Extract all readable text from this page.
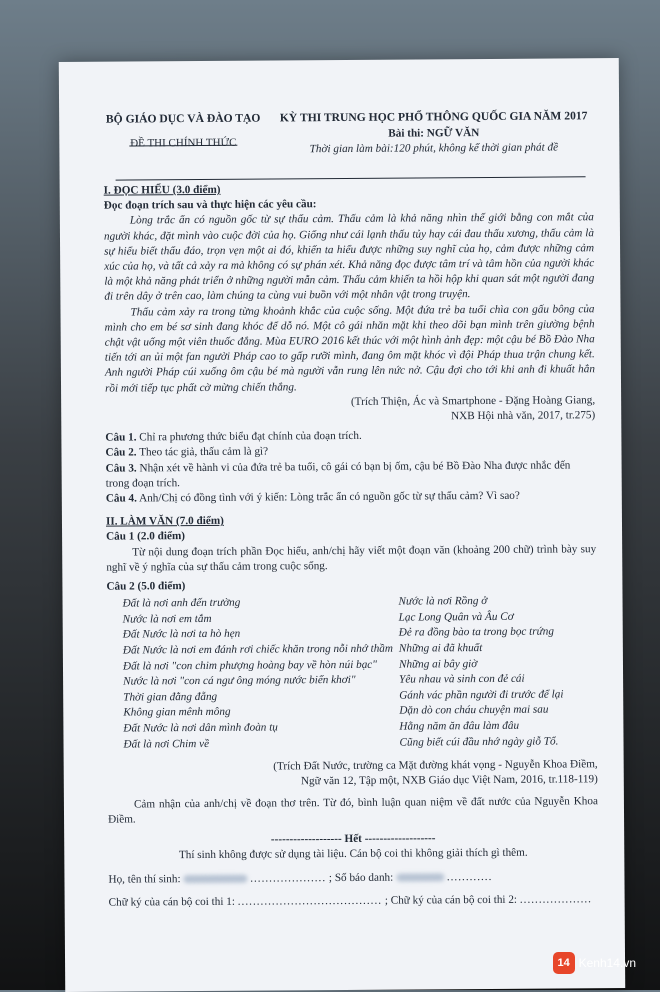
BỘ GIÁO DỤC VÀ ĐÀO TẠO
ĐỀ THI CHÍNH THỨC
KỲ THI TRUNG HỌC PHỔ THÔNG QUỐC GIA NĂM 2017
Bài thi: NGỮ VĂN
Thời gian làm bài:120 phút, không kể thời gian phát đề

I. ĐỌC HIỂU (3.0 điểm)

Đọc đoạn trích sau và thực hiện các yêu cầu:

Lòng trắc ẩn có nguồn gốc từ sự thấu cảm. Thấu cảm là khả năng nhìn thế giới bằng con mắt của người khác, đặt mình vào cuộc đời của họ. Giống như cái lạnh thấu tủy hay cái đau thấu xương, thấu cảm là sự hiểu biết thấu đáo, trọn vẹn một ai đó, khiến ta hiểu được những suy nghĩ của họ, cảm được những cảm xúc của họ, và tất cả xảy ra mà không có sự phán xét. Khả năng đọc được tâm trí và tâm hồn của người khác là một khả năng phát triển ở những người mẫn cảm. Thấu cảm khiến ta hồi hộp khi quan sát một người đang đi trên dây ở trên cao, làm chúng ta cùng vui buồn với một nhân vật trong truyện.

Thấu cảm xảy ra trong từng khoảnh khắc của cuộc sống. Một đứa trẻ ba tuổi chìa con gấu bông của mình cho em bé sơ sinh đang khóc để dỗ nó. Một cô gái nhăn mặt khi theo dõi bạn mình trên giường bệnh chật vật uống một viên thuốc đắng. Mùa EURO 2016 kết thúc với một hình ảnh đẹp: một cậu bé Bồ Đào Nha tiến tới an ủi một fan người Pháp cao to gấp rưỡi mình, đang ôm mặt khóc vì đội Pháp thua trận chung kết. Anh người Pháp cúi xuống ôm cậu bé mà người vẫn rung lên nức nở. Cậu đợi cho tới khi anh đi khuất hẳn rồi mới tiếp tục phất cờ mừng chiến thắng.

(Trích Thiện, Ác và Smartphone - Đặng Hoàng Giang,

NXB Hội nhà văn, 2017, tr.275)

Câu 1. Chỉ ra phương thức biểu đạt chính của đoạn trích.

Câu 2. Theo tác giả, thấu cảm là gì?

Câu 3. Nhận xét về hành vi của đứa trẻ ba tuổi, cô gái có bạn bị ốm, cậu bé Bồ Đào Nha được nhắc đến trong đoạn trích.

Câu 4. Anh/Chị có đồng tình với ý kiến: Lòng trắc ẩn có nguồn gốc từ sự thấu cảm? Vì sao?

II. LÀM VĂN (7.0 điểm)

Câu 1 (2.0 điểm)

Từ nội dung đoạn trích phần Đọc hiểu, anh/chị hãy viết một đoạn văn (khoảng 200 chữ) trình bày suy nghĩ về ý nghĩa của sự thấu cảm trong cuộc sống.

Câu 2 (5.0 điểm)

Đất là nơi anh đến trường
Nước là nơi em tắm
Đất Nước là nơi ta hò hẹn
Đất Nước là nơi em đánh rơi chiếc khăn trong nỗi nhớ thầm
Đất là nơi "con chim phượng hoàng bay về hòn núi bạc"
Nước là nơi "con cá ngư ông móng nước biển khơi"
Thời gian đằng đẵng
Không gian mênh mông
Đất Nước là nơi dân mình đoàn tụ
Đất là nơi Chim về
Nước là nơi Rồng ở
Lạc Long Quân và Âu Cơ
Đẻ ra đồng bào ta trong bọc trứng
Những ai đã khuất
Những ai bây giờ
Yêu nhau và sinh con đẻ cái
Gánh vác phần người đi trước để lại
Dặn dò con cháu chuyện mai sau
Hằng năm ăn đâu làm đâu
Cũng biết cúi đầu nhớ ngày giỗ Tổ.

(Trích Đất Nước, trường ca Mặt đường khát vọng - Nguyễn Khoa Điềm,

Ngữ văn 12, Tập một, NXB Giáo dục Việt Nam, 2016, tr.118-119)

Cảm nhận của anh/chị về đoạn thơ trên. Từ đó, bình luận quan niệm về đất nước của Nguyễn Khoa Điềm.

------------------- Hết -------------------

Thí sinh không được sử dụng tài liệu. Cán bộ coi thi không giải thích gì thêm.

Họ, tên thí sinh:	.................... ; Số báo danh:	............

Chữ ký của cán bộ coi thi 1: ...................................... ; Chữ ký của cán bộ coi thi 2: ...................

14 Kenh14.vn
